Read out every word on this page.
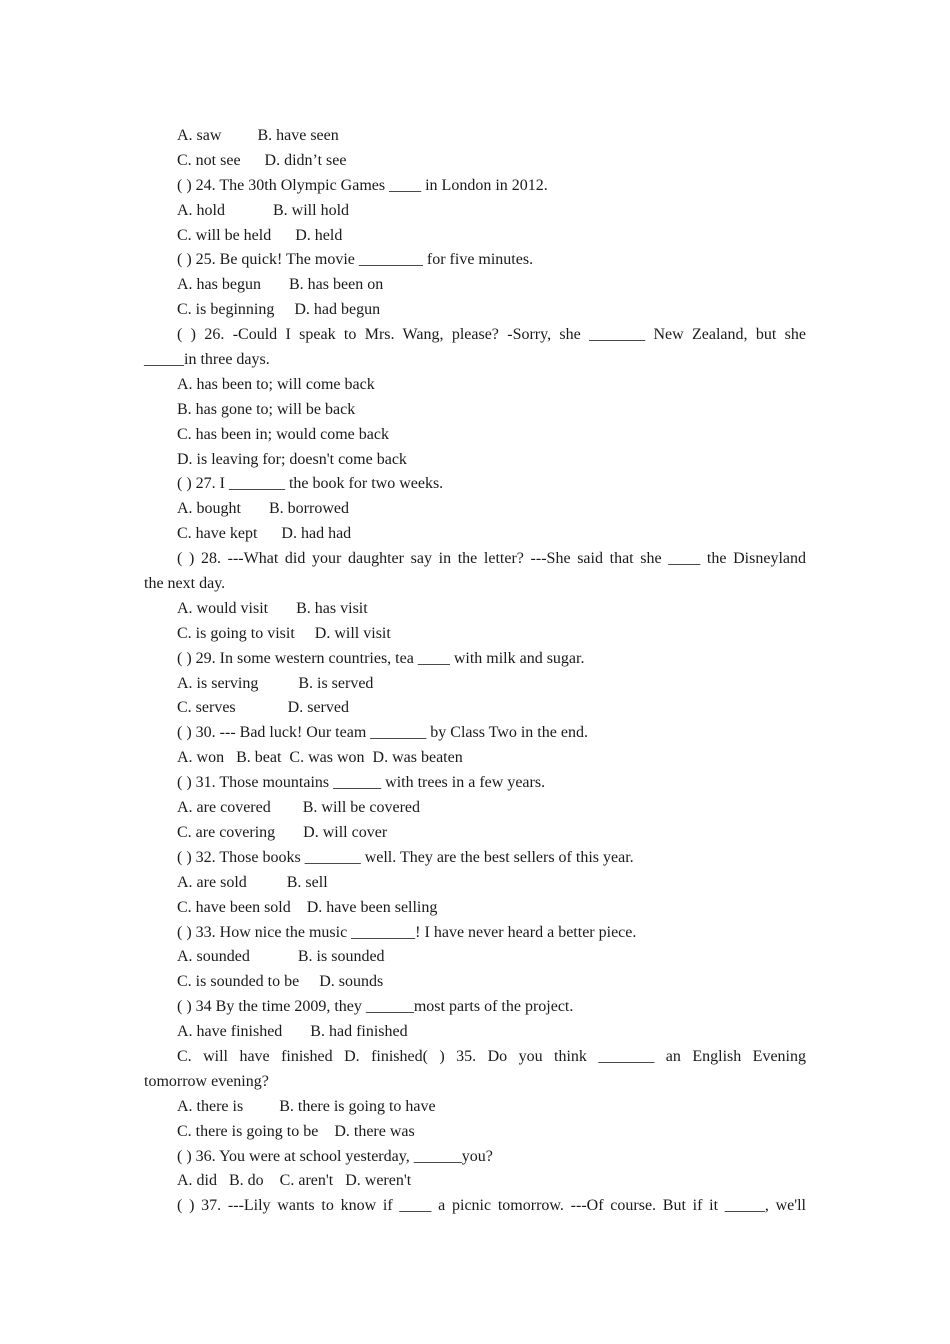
A. saw         B. have seen
C. not see      D. didn’t see
( ) 24. The 30th Olympic Games ____ in London in 2012.
A. hold            B. will hold
C. will be held      D. held
( ) 25. Be quick! The movie ________ for five minutes.
A. has begun       B. has been on
C. is beginning     D. had begun
( ) 26. -Could I speak to Mrs. Wang, please? -Sorry, she _______ New Zealand, but she
_____in three days.
A. has been to; will come back
B. has gone to; will be back
C. has been in; would come back
D. is leaving for; doesn't come back
( ) 27. I _______ the book for two weeks.
A. bought       B. borrowed
C. have kept      D. had had
( ) 28. ---What did your daughter say in the letter? ---She said that she ____ the Disneyland
the next day.
A. would visit       B. has visit
C. is going to visit     D. will visit
( ) 29. In some western countries, tea ____ with milk and sugar.
A. is serving          B. is served
C. serves             D. served
( ) 30. --- Bad luck! Our team _______ by Class Two in the end.
A. won   B. beat  C. was won  D. was beaten
( ) 31. Those mountains ______ with trees in a few years.
A. are covered        B. will be covered
C. are covering       D. will cover
( ) 32. Those books _______ well. They are the best sellers of this year.
A. are sold          B. sell
C. have been sold    D. have been selling
( ) 33. How nice the music ________! I have never heard a better piece.
A. sounded            B. is sounded
C. is sounded to be     D. sounds
( ) 34 By the time 2009, they ______most parts of the project.
A. have finished       B. had finished
C. will have finished D. finished( ) 35. Do you think _______ an English Evening
tomorrow evening?
A. there is         B. there is going to have
C. there is going to be    D. there was
( ) 36. You were at school yesterday, ______you?
A. did   B. do    C. aren't   D. weren't
( ) 37. ---Lily wants to know if ____ a picnic tomorrow. ---Of course. But if it _____, we'll
